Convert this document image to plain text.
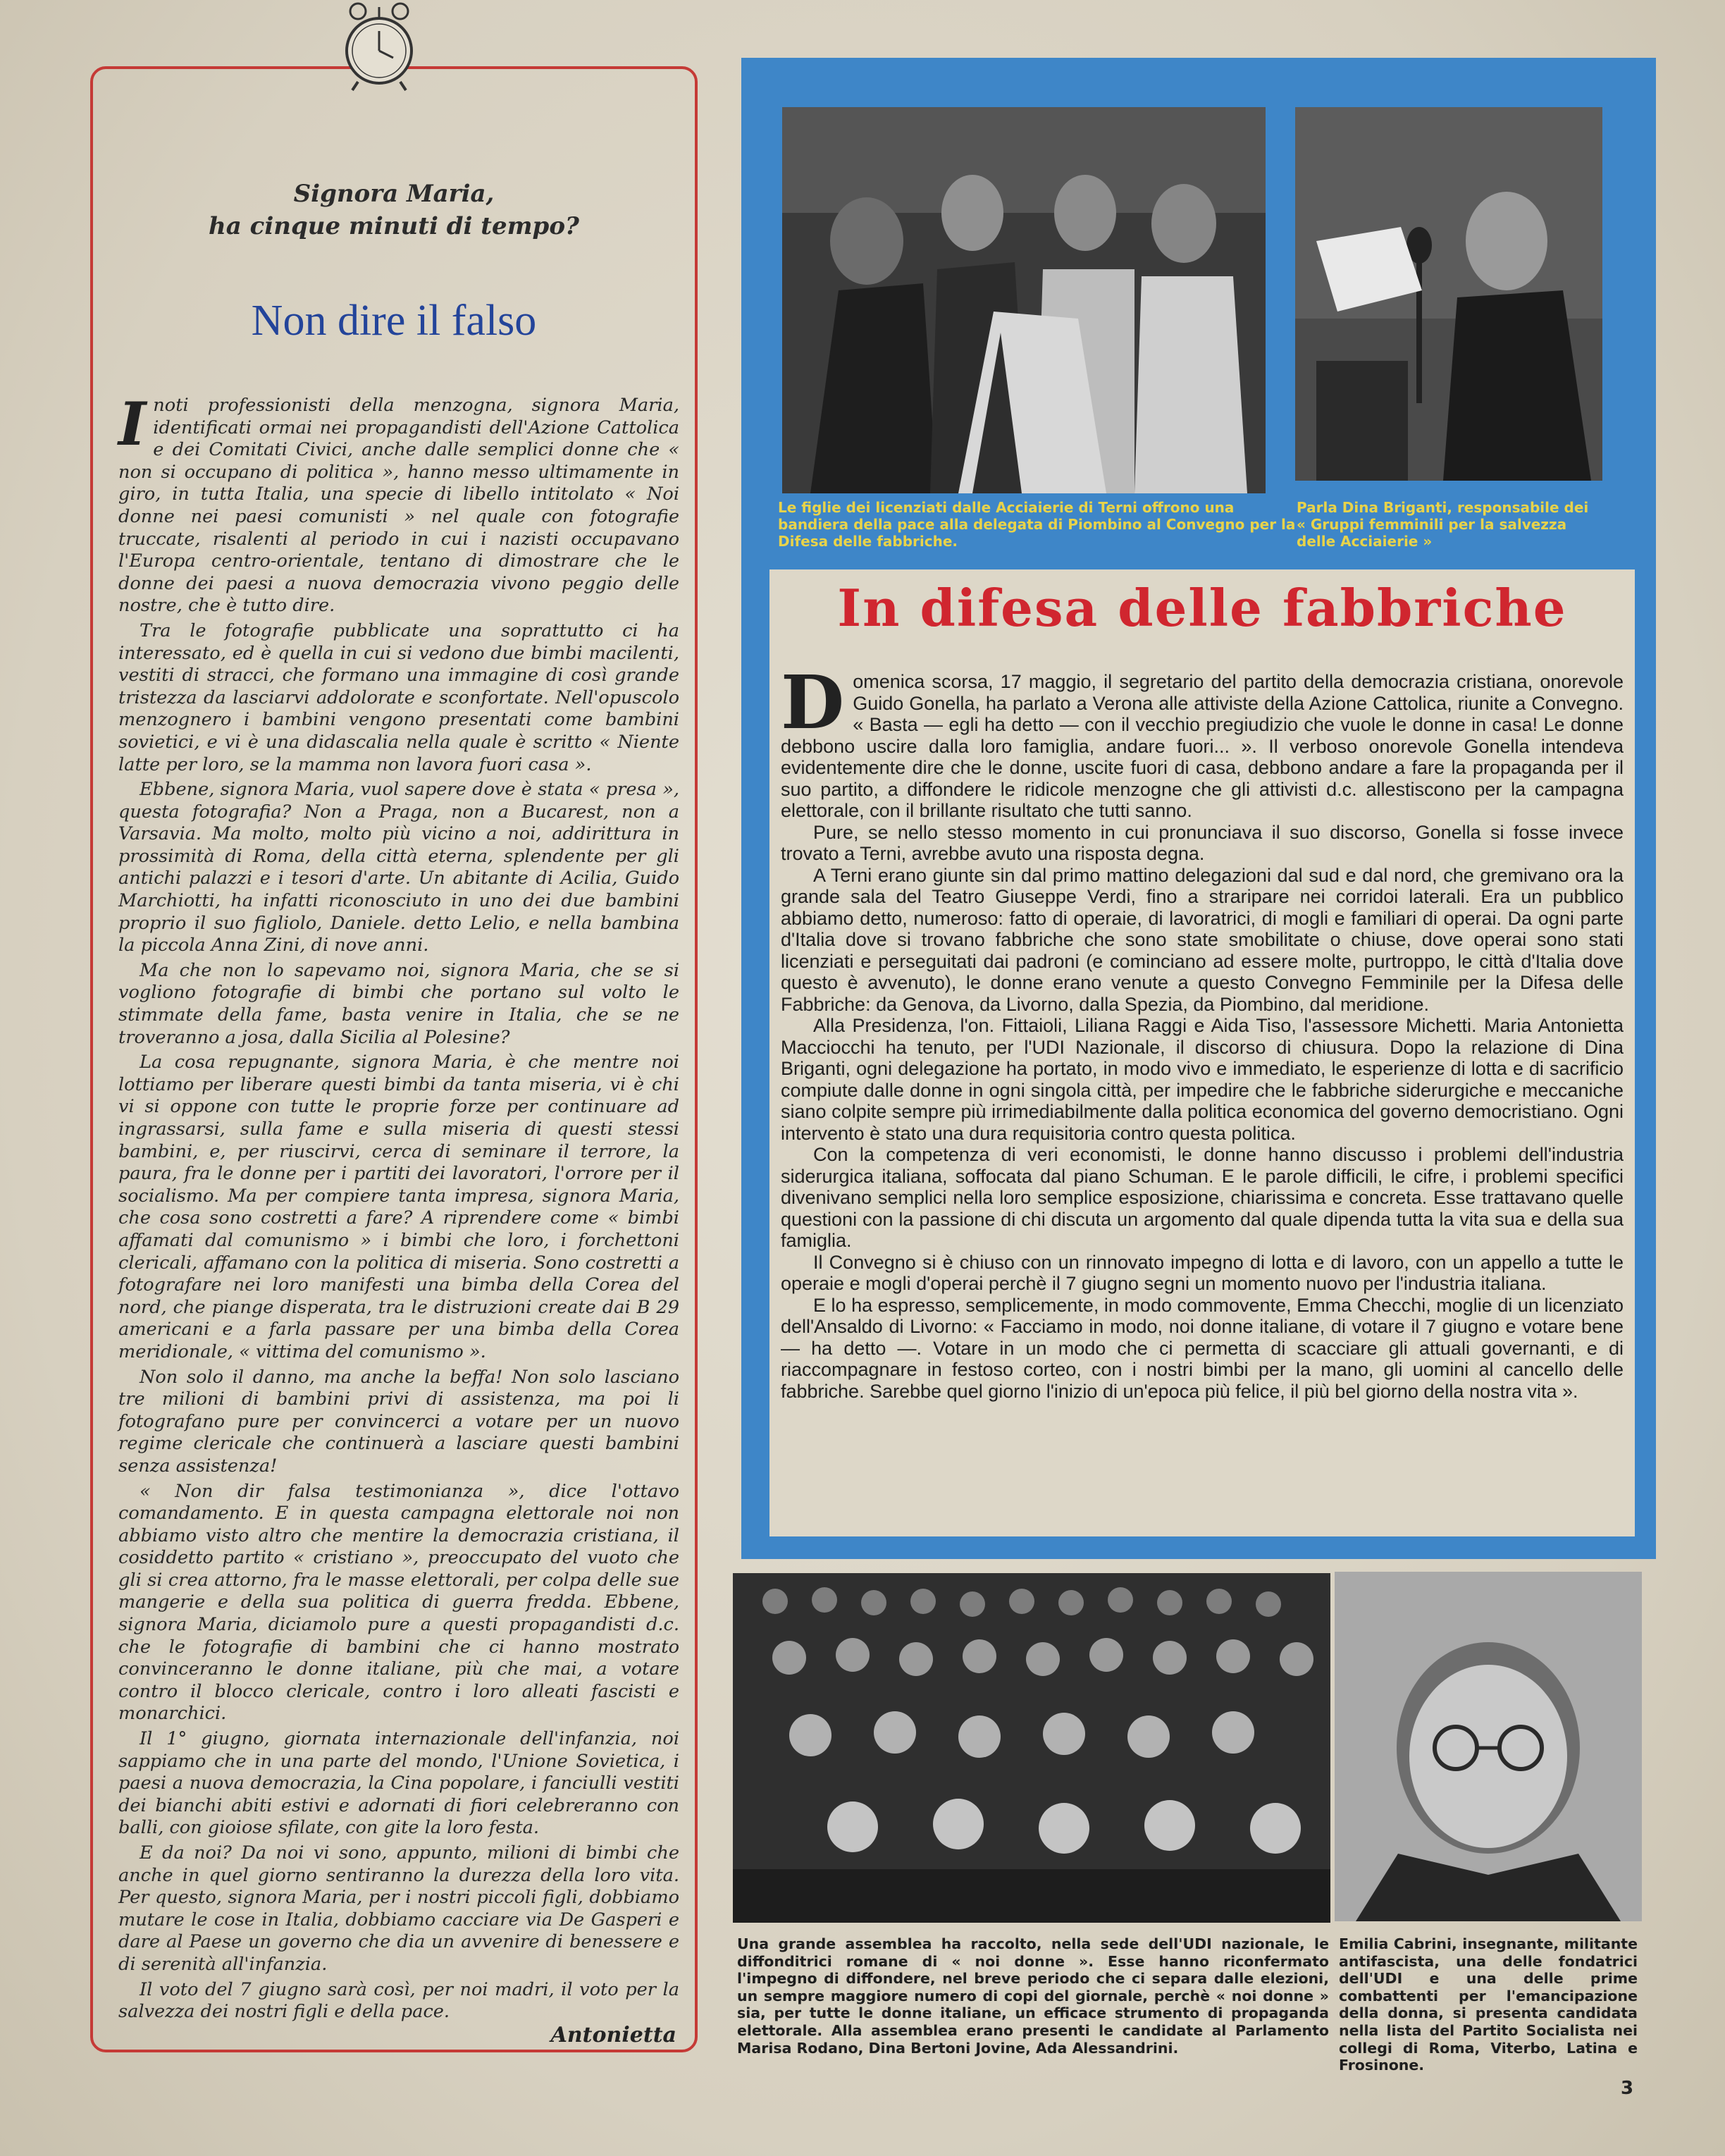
Signora Maria,
ha cinque minuti di tempo?
Non dire il falso

Inoti professionisti della menzogna, signora Maria, identificati ormai nei propagandisti dell'Azione Cattolica e dei Comitati Civici, anche dalle semplici donne che « non si occupano di politica », hanno messo ultimamente in giro, in tutta Italia, una specie di libello intitolato « Noi donne nei paesi comunisti » nel quale con fotografie truccate, risalenti al periodo in cui i nazisti occupavano l'Europa centro-orientale, tentano di dimostrare che le donne dei paesi a nuova democrazia vivono peggio delle nostre, che è tutto dire.

Tra le fotografie pubblicate una soprattutto ci ha interessato, ed è quella in cui si vedono due bimbi macilenti, vestiti di stracci, che formano una immagine di così grande tristezza da lasciarvi addolorate e sconfortate. Nell'opuscolo menzognero i bambini vengono presentati come bambini sovietici, e vi è una didascalia nella quale è scritto « Niente latte per loro, se la mamma non lavora fuori casa ».

Ebbene, signora Maria, vuol sapere dove è stata « presa », questa fotografia? Non a Praga, non a Bucarest, non a Varsavia. Ma molto, molto più vicino a noi, addirittura in prossimità di Roma, della città eterna, splendente per gli antichi palazzi e i tesori d'arte. Un abitante di Acilia, Guido Marchiotti, ha infatti riconosciuto in uno dei due bambini proprio il suo figliolo, Daniele. detto Lelio, e nella bambina la piccola Anna Zini, di nove anni.

Ma che non lo sapevamo noi, signora Maria, che se si vogliono fotografie di bimbi che portano sul volto le stimmate della fame, basta venire in Italia, che se ne troveranno a josa, dalla Sicilia al Polesine?

La cosa repugnante, signora Maria, è che mentre noi lottiamo per liberare questi bimbi da tanta miseria, vi è chi vi si oppone con tutte le proprie forze per continuare ad ingrassarsi, sulla fame e sulla miseria di questi stessi bambini, e, per riuscirvi, cerca di seminare il terrore, la paura, fra le donne per i partiti dei lavoratori, l'orrore per il socialismo. Ma per compiere tanta impresa, signora Maria, che cosa sono costretti a fare? A riprendere come « bimbi affamati dal comunismo » i bimbi che loro, i forchettoni clericali, affamano con la politica di miseria. Sono costretti a fotografare nei loro manifesti una bimba della Corea del nord, che piange disperata, tra le distruzioni create dai B 29 americani e a farla passare per una bimba della Corea meridionale, « vittima del comunismo ».

Non solo il danno, ma anche la beffa! Non solo lasciano tre milioni di bambini privi di assistenza, ma poi li fotografano pure per convincerci a votare per un nuovo regime clericale che continuerà a lasciare questi bambini senza assistenza!

« Non dir falsa testimonianza », dice l'ottavo comandamento. E in questa campagna elettorale noi non abbiamo visto altro che mentire la democrazia cristiana, il cosiddetto partito « cristiano », preoccupato del vuoto che gli si crea attorno, fra le masse elettorali, per colpa delle sue mangerie e della sua politica di guerra fredda. Ebbene, signora Maria, diciamolo pure a questi propagandisti d.c. che le fotografie di bambini che ci hanno mostrato convinceranno le donne italiane, più che mai, a votare contro il blocco clericale, contro i loro alleati fascisti e monarchici.

Il 1° giugno, giornata internazionale dell'infanzia, noi sappiamo che in una parte del mondo, l'Unione Sovietica, i paesi a nuova democrazia, la Cina popolare, i fanciulli vestiti dei bianchi abiti estivi e adornati di fiori celebreranno con balli, con gioiose sfilate, con gite la loro festa.

E da noi? Da noi vi sono, appunto, milioni di bimbi che anche in quel giorno sentiranno la durezza della loro vita. Per questo, signora Maria, per i nostri piccoli figli, dobbiamo mutare le cose in Italia, dobbiamo cacciare via De Gasperi e dare al Paese un governo che dia un avvenire di benessere e di serenità all'infanzia.

Il voto del 7 giugno sarà così, per noi madri, il voto per la salvezza dei nostri figli e della pace.

Antonietta
Le figlie dei licenziati dalle Acciaierie di Terni offrono una bandiera della pace alla delegata di Piombino al Convegno per la Difesa delle fabbriche.
Parla Dina Briganti, responsabile dei « Gruppi femminili per la salvezza delle Acciaierie »
In difesa delle fabbriche

Domenica scorsa, 17 maggio, il segretario del partito della democrazia cristiana, onorevole Guido Gonella, ha parlato a Verona alle attiviste della Azione Cattolica, riunite a Convegno. « Basta — egli ha detto — con il vecchio pregiudizio che vuole le donne in casa! Le donne debbono uscire dalla loro famiglia, andare fuori... ». Il verboso onorevole Gonella intendeva evidentemente dire che le donne, uscite fuori di casa, debbono andare a fare la propaganda per il suo partito, a diffondere le ridicole menzogne che gli attivisti d.c. allestiscono per la campagna elettorale, con il brillante risultato che tutti sanno.

Pure, se nello stesso momento in cui pronunciava il suo discorso, Gonella si fosse invece trovato a Terni, avrebbe avuto una risposta degna.

A Terni erano giunte sin dal primo mattino delegazioni dal sud e dal nord, che gremivano ora la grande sala del Teatro Giuseppe Verdi, fino a straripare nei corridoi laterali. Era un pubblico abbiamo detto, numeroso: fatto di operaie, di lavoratrici, di mogli e familiari di operai. Da ogni parte d'Italia dove si trovano fabbriche che sono state smobilitate o chiuse, dove operai sono stati licenziati e perseguitati dai padroni (e cominciano ad essere molte, purtroppo, le città d'Italia dove questo è avvenuto), le donne erano venute a questo Convegno Femminile per la Difesa delle Fabbriche: da Genova, da Livorno, dalla Spezia, da Piombino, dal meridione.

Alla Presidenza, l'on. Fittaioli, Liliana Raggi e Aida Tiso, l'assessore Michetti. Maria Antonietta Macciocchi ha tenuto, per l'UDI Nazionale, il discorso di chiusura. Dopo la relazione di Dina Briganti, ogni delegazione ha portato, in modo vivo e immediato, le esperienze di lotta e di sacrificio compiute dalle donne in ogni singola città, per impedire che le fabbriche siderurgiche e meccaniche siano colpite sempre più irrimediabilmente dalla politica economica del governo democristiano. Ogni intervento è stato una dura requisitoria contro questa politica.

Con la competenza di veri economisti, le donne hanno discusso i problemi dell'industria siderurgica italiana, soffocata dal piano Schuman. E le parole difficili, le cifre, i problemi specifici divenivano semplici nella loro semplice esposizione, chiarissima e concreta. Esse trattavano quelle questioni con la passione di chi discuta un argomento dal quale dipenda tutta la vita sua e della sua famiglia.

Il Convegno si è chiuso con un rinnovato impegno di lotta e di lavoro, con un appello a tutte le operaie e mogli d'operai perchè il 7 giugno segni un momento nuovo per l'industria italiana.

E lo ha espresso, semplicemente, in modo commovente, Emma Checchi, moglie di un licenziato dell'Ansaldo di Livorno: « Facciamo in modo, noi donne italiane, di votare il 7 giugno e votare bene — ha detto —. Votare in un modo che ci permetta di scacciare gli attuali governanti, e di riaccompagnare in festoso corteo, con i nostri bimbi per la mano, gli uomini al cancello delle fabbriche. Sarebbe quel giorno l'inizio di un'epoca più felice, il più bel giorno della nostra vita ».

Una grande assemblea ha raccolto, nella sede dell'UDI nazionale, le diffonditrici romane di « noi donne ». Esse hanno riconfermato l'impegno di diffondere, nel breve periodo che ci separa dalle elezioni, un sempre maggiore numero di copi del giornale, perchè « noi donne » sia, per tutte le donne italiane, un efficace strumento di propaganda elettorale. Alla assemblea erano presenti le candidate al Parlamento Marisa Rodano, Dina Bertoni Jovine, Ada Alessandrini.
Emilia Cabrini, insegnante, militante antifascista, una delle fondatrici dell'UDI e una delle prime combattenti per l'emancipazione della donna, si presenta candidata nella lista del Partito Socialista nei collegi di Roma, Viterbo, Latina e Frosinone.
3
